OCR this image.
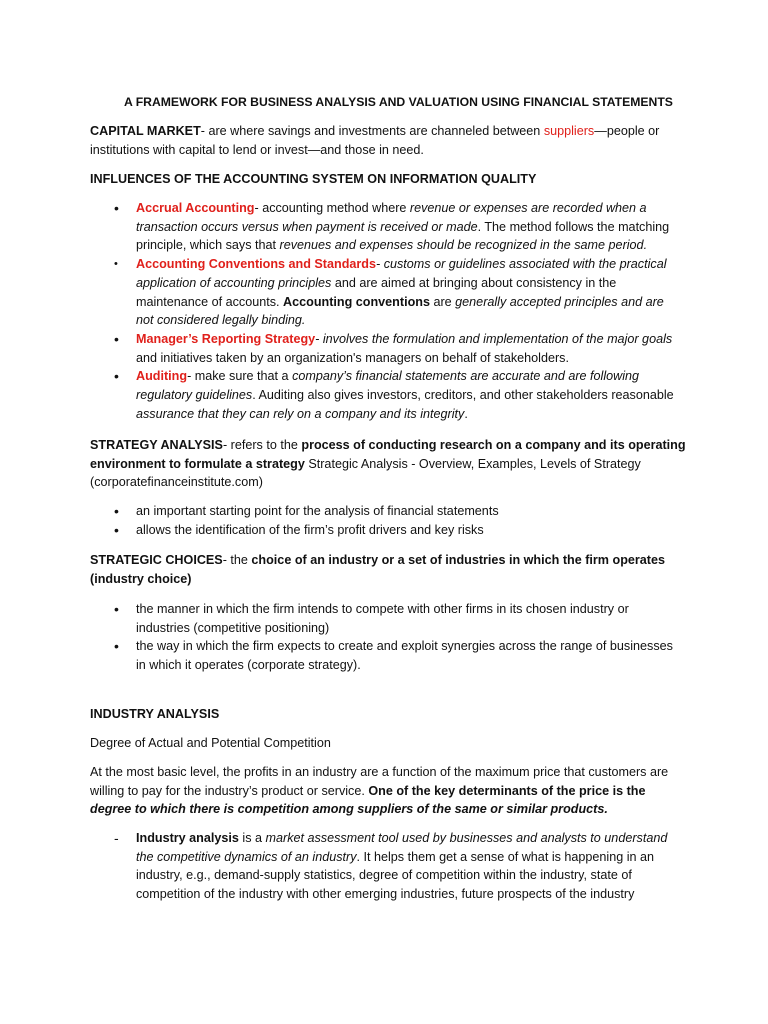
A FRAMEWORK FOR BUSINESS ANALYSIS AND VALUATION USING FINANCIAL STATEMENTS

CAPITAL MARKET- are where savings and investments are channeled between suppliers—people or institutions with capital to lend or invest—and those in need.

INFLUENCES OF THE ACCOUNTING SYSTEM ON INFORMATION QUALITY

• Accrual Accounting- accounting method where revenue or expenses are recorded when a transaction occurs versus when payment is received or made. The method follows the matching principle, which says that revenues and expenses should be recognized in the same period.
• Accounting Conventions and Standards- customs or guidelines associated with the practical application of accounting principles and are aimed at bringing about consistency in the maintenance of accounts. Accounting conventions are generally accepted principles and are not considered legally binding.
• Manager’s Reporting Strategy- involves the formulation and implementation of the major goals and initiatives taken by an organization's managers on behalf of stakeholders.
• Auditing- make sure that a company’s financial statements are accurate and are following regulatory guidelines. Auditing also gives investors, creditors, and other stakeholders reasonable assurance that they can rely on a company and its integrity.

STRATEGY ANALYSIS- refers to the process of conducting research on a company and its operating environment to formulate a strategy Strategic Analysis - Overview, Examples, Levels of Strategy (corporatefinanceinstitute.com)

• an important starting point for the analysis of financial statements
• allows the identification of the firm’s profit drivers and key risks

STRATEGIC CHOICES- the choice of an industry or a set of industries in which the firm operates (industry choice)

• the manner in which the firm intends to compete with other firms in its chosen industry or industries (competitive positioning)
• the way in which the firm expects to create and exploit synergies across the range of businesses in which it operates (corporate strategy).

INDUSTRY ANALYSIS

Degree of Actual and Potential Competition

At the most basic level, the profits in an industry are a function of the maximum price that customers are willing to pay for the industry’s product or service. One of the key determinants of the price is the degree to which there is competition among suppliers of the same or similar products.

- Industry analysis is a market assessment tool used by businesses and analysts to understand the competitive dynamics of an industry. It helps them get a sense of what is happening in an industry, e.g., demand-supply statistics, degree of competition within the industry, state of competition of the industry with other emerging industries, future prospects of the industry
